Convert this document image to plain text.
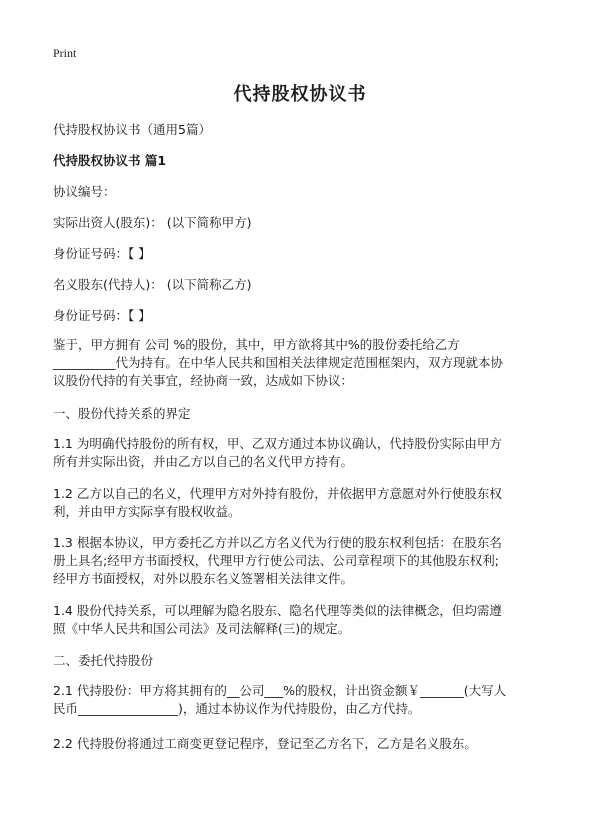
Print
代持股权协议书
代持股权协议书（通用5篇）
代持股权协议书 篇1
协议编号：
实际出资人(股东)： (以下简称甲方)
身份证号码：【 】
名义股东(代持人)： (以下简称乙方)
身份证号码：【 】
鉴于，甲方拥有 公司 %的股份，其中，甲方欲将其中%的股份委托给乙方
__________代为持有。在中华人民共和国相关法律规定范围框架内，双方现就本协
议股份代持的有关事宜，经协商一致，达成如下协议：
一、股份代持关系的界定
1.1 为明确代持股份的所有权，甲、乙双方通过本协议确认，代持股份实际由甲方
所有并实际出资，并由乙方以自己的名义代甲方持有。
1.2 乙方以自己的名义，代理甲方对外持有股份，并依据甲方意愿对外行使股东权
利，并由甲方实际享有股权收益。
1.3 根据本协议，甲方委托乙方并以乙方名义代为行使的股东权利包括：在股东名
册上具名;经甲方书面授权，代理甲方行使公司法、公司章程项下的其他股东权利;
经甲方书面授权，对外以股东名义签署相关法律文件。
1.4 股份代持关系，可以理解为隐名股东、隐名代理等类似的法律概念，但均需遵
照《中华人民共和国公司法》及司法解释(三)的规定。
二、委托代持股份
2.1 代持股份：甲方将其拥有的__公司___%的股权，计出资金额￥_______(大写人
民币________________)，通过本协议作为代持股份，由乙方代持。
2.2 代持股份将通过工商变更登记程序，登记至乙方名下，乙方是名义股东。
